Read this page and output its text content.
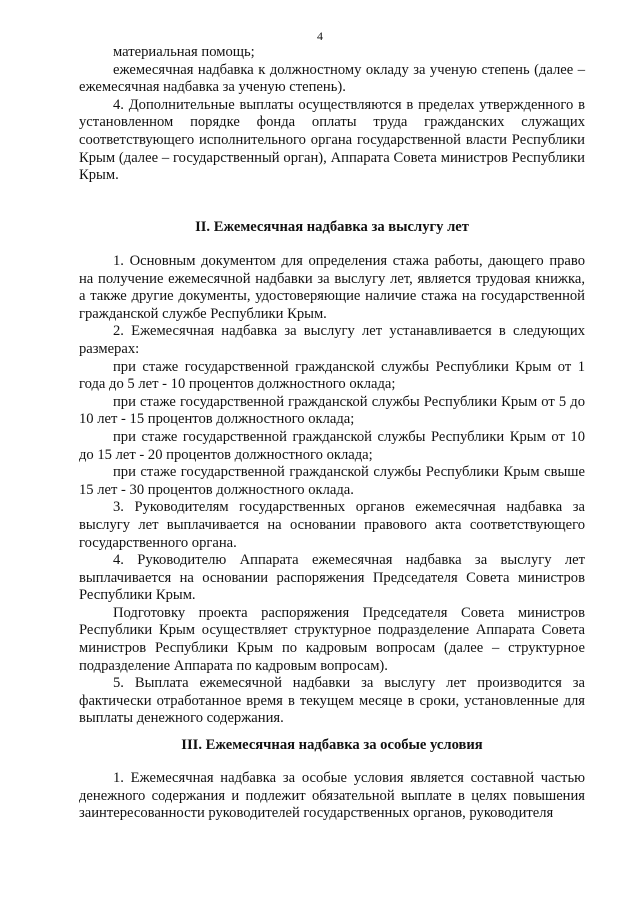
4

материальная помощь;

ежемесячная надбавка к должностному окладу за ученую степень (далее – ежемесячная надбавка за ученую степень).

4. Дополнительные выплаты осуществляются в пределах утвержденного в установленном порядке фонда оплаты труда гражданских служащих соответствующего исполнительного органа государственной власти Республики Крым (далее – государственный орган), Аппарата Совета министров Республики Крым.

II. Ежемесячная надбавка за выслугу лет

1. Основным документом для определения стажа работы, дающего право на получение ежемесячной надбавки за выслугу лет, является трудовая книжка, а также другие документы, удостоверяющие наличие стажа на государственной гражданской службе Республики Крым.

2. Ежемесячная надбавка за выслугу лет устанавливается в следующих размерах:

при стаже государственной гражданской службы Республики Крым от 1 года до 5 лет - 10 процентов должностного оклада;

при стаже государственной гражданской службы Республики Крым от 5 до 10 лет - 15 процентов должностного оклада;

при стаже государственной гражданской службы Республики Крым от 10 до 15 лет - 20 процентов должностного оклада;

при стаже государственной гражданской службы Республики Крым свыше 15 лет - 30 процентов должностного оклада.

3. Руководителям государственных органов ежемесячная надбавка за выслугу лет выплачивается на основании правового акта соответствующего государственного органа.

4. Руководителю Аппарата ежемесячная надбавка за выслугу лет выплачивается на основании распоряжения Председателя Совета министров Республики Крым.

Подготовку проекта распоряжения Председателя Совета министров Республики Крым осуществляет структурное подразделение Аппарата Совета министров Республики Крым по кадровым вопросам (далее – структурное подразделение Аппарата по кадровым вопросам).

5. Выплата ежемесячной надбавки за выслугу лет производится за фактически отработанное время в текущем месяце в сроки, установленные для выплаты денежного содержания.

III. Ежемесячная надбавка за особые условия

1. Ежемесячная надбавка за особые условия является составной частью денежного содержания и подлежит обязательной выплате в целях повышения заинтересованности руководителей государственных органов, руководителя
